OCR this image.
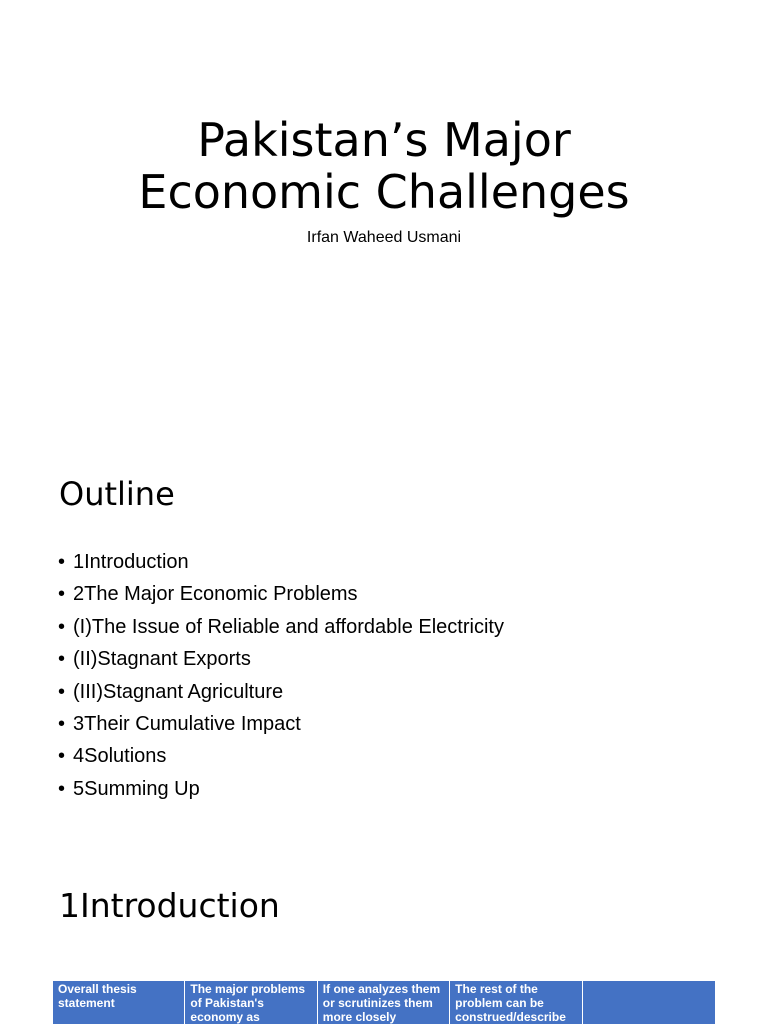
Pakistan’s Major
Economic Challenges
Irfan Waheed Usmani
Outline
• 1Introduction
• 2The Major Economic Problems
• (I)The Issue of Reliable and affordable Electricity
• (II)Stagnant Exports
• (III)Stagnant Agriculture
• 3Their Cumulative Impact
• 4Solutions
• 5Summing Up
1Introduction
Overall thesis statement
The major problems of Pakistan's economy as
If one analyzes them or scrutinizes them more closely
The rest of the problem can be construed/describe
